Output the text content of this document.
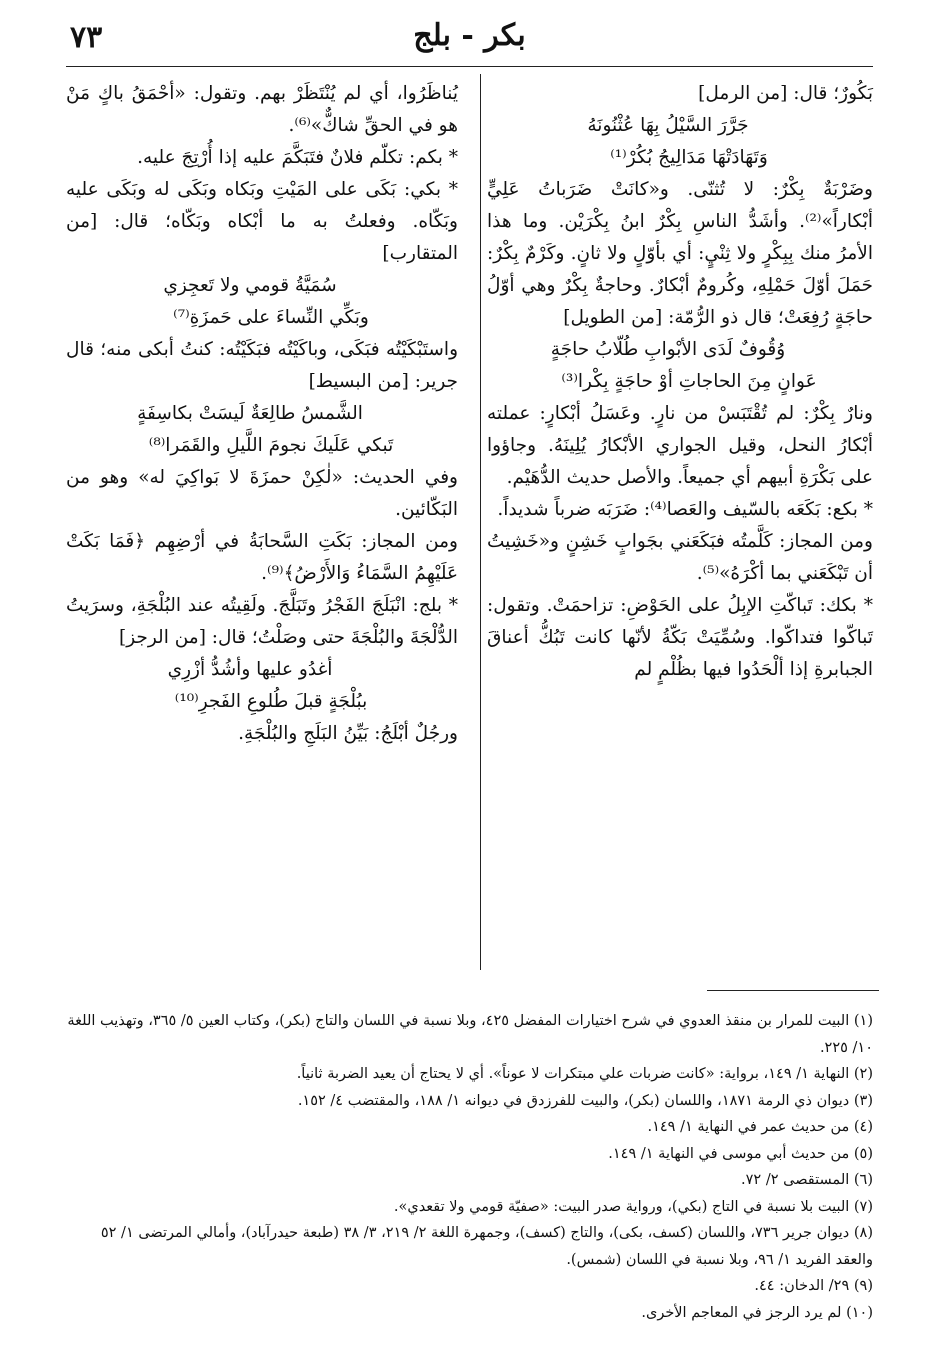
٧٣	بكر - بلج

بَكُورٌ؛ قال: [من الرمل]

جَرَّرَ السَّيْلُ بِهَا عُثْنُونَهُ

وَتَهَادَتْهَا مَدَالِيجُ بُكُرْ⁽¹⁾

وضَرْبَةٌ بِكْرٌ: لا تُثنّى. و«كانَتْ ضَرَباتُ عَلِيٍّ أبْكاراً»⁽²⁾. وأشَدُّ الناسِ بِكْرٌ ابنُ بِكْرَيْن. وما هذا الأمرُ منك بِبِكْرٍ ولا ثِنْيٍ: أي بأوّلٍ ولا ثانٍ. وكَرْمٌ بِكْرٌ: حَمَلَ أوّلَ حَمْلِهِ، وكُرومٌ أبْكارٌ. وحاجةٌ بِكْرٌ وهي أوّلُ حاجَةٍ رُفِعَتْ؛ قال ذو الرُّمّة: [من الطويل]

وُقُوفٌ لَدَى الأبْوابِ طُلّابُ حاجَةٍ

عَوانٍ مِنَ الحاجاتِ أوْ حاجَةٍ بِكْرا⁽³⁾

ونارٌ بِكْرٌ: لم تُقْتَبَسْ من نارٍ. وعَسَلُ أبْكارٍ: عملته أبْكارُ النحل، وقيل الجواري الأبْكارُ يُلِينَهُ. وجاؤوا على بَكْرَةِ أبيهم أي جميعاً. والأصل حديث الدُّهَيْم.

* بكع: بَكَعَه بالسّيف والعَصا⁽⁴⁾: ضَرَبَه ضرباً شديداً.

ومن المجاز: كَلَّمتُه فبَكَعَني بجَوابٍ خَشِنٍ و«خَشِيتُ أن تَبْكَعَني بما أكْرَهُ»⁽⁵⁾.

* بكك: تَباكّتِ الإبِلُ على الحَوْضِ: تزاحمَتْ. وتقول: تَباكّوا فتداكّوا. وسُمِّيَتْ بَكّةُ لأنّها كانت تَبُكُّ أعناقَ الجبابرةِ إذا ألْحَدُوا فيها بظُلْمٍ لم

يُناظَرُوا، أي لم يُنْتَظَرْ بهم. وتقول: «أحْمَقُ باكٍ مَنْ هو في الحقِّ شاكٌّ»⁽⁶⁾.

* بكم: تكلّم فلانٌ فتَبَكَّمَ عليه إذا أُرْتِجَ عليه.

* بكي: بَكَى على المَيْتِ وبَكاه وبَكَى له وبَكَى عليه وبَكّاه. وفعلتُ به ما أبْكاه وبَكّاه؛ قال: [من المتقارب]

سُمَيَّةُ قومي ولا تَعجِزي

وبَكِّي النِّساءَ على حَمزَةِ⁽⁷⁾

واستَبْكَيْتُه فبَكَى، وباكَيْتُه فبَكَيْتُه: كنتُ أبكى منه؛ قال جرير: [من البسيط]

الشَّمسُ طالِعَةٌ لَيسَتْ بكاسِفَةٍ

تَبكي عَلَيكَ نجومَ اللَّيلِ والقَمَرا⁽⁸⁾

وفي الحديث: «لٰكِنْ حمزَةَ لا بَواكِيَ له» وهو من البَكّائين.

ومن المجاز: بَكَتِ السَّحابَةُ في أرْضِهِم ﴿فَمَا بَكَتْ عَلَيْهِمُ السَّمَاءُ وَالأَرْضُ﴾⁽⁹⁾.

* بلج: انْبَلَجَ الفَجْرُ وتَبَلَّجَ. ولَقِيتُه عند البُلْجَةِ، وسرَيتُ الدُّلْجَةَ والبُلْجَةَ حتى وصَلْتُ؛ قال: [من الرجز]

أغدُو عليها وأشُدُّ أزْرِي

ببُلْجَةٍ قبلَ طُلوعِ الفَجرِ⁽¹⁰⁾

ورجُلٌ أبْلَجُ: بَيِّنُ البَلَجِ والبُلْجَةِ.

(١) البيت للمرار بن منقذ العدوي في شرح اختيارات المفضل ٤٢٥، وبلا نسبة في اللسان والتاج (بكر)، وكتاب العين ٥/ ٣٦٥، وتهذيب اللغة ١٠/ ٢٢٥.

(٢) النهاية ١/ ١٤٩، برواية: «كانت ضربات علي مبتكرات لا عوناً». أي لا يحتاج أن يعيد الضربة ثانياً.

(٣) ديوان ذي الرمة ١٨٧١، واللسان (بكر)، والبيت للفرزدق في ديوانه ١/ ١٨٨، والمقتضب ٤/ ١٥٢.

(٤) من حديث عمر في النهاية ١/ ١٤٩.

(٥) من حديث أبي موسى في النهاية ١/ ١٤٩.

(٦) المستقصى ٢/ ٧٢.

(٧) البيت بلا نسبة في التاج (بكي)، ورواية صدر البيت: «صفيّة قومي ولا تقعدي».

(٨) ديوان جرير ٧٣٦، واللسان (كسف، بكى)، والتاج (كسف)، وجمهرة اللغة ٢/ ٢١٩، ٣/ ٣٨ (طبعة حيدرآباد)، وأمالي المرتضى ١/ ٥٢ والعقد الفريد ١/ ٩٦، وبلا نسبة في اللسان (شمس).

(٩) ٢٩/ الدخان: ٤٤.

(١٠) لم يرد الرجز في المعاجم الأخرى.
